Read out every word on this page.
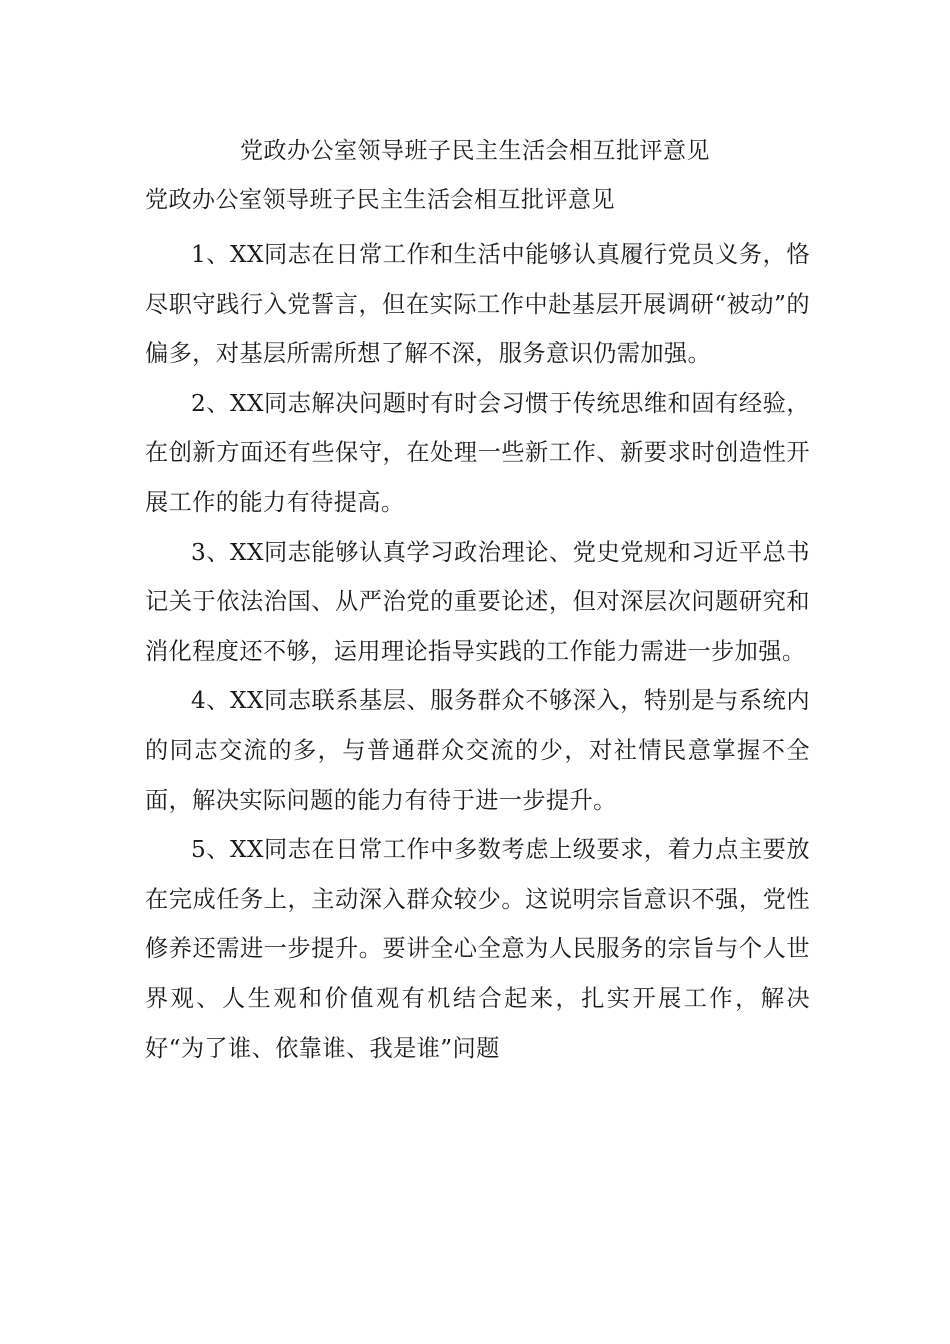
党政办公室领导班子民主生活会相互批评意见
党政办公室领导班子民主生活会相互批评意见

1、XX同志在日常工作和生活中能够认真履行党员义务，恪尽职守践行入党誓言，但在实际工作中赴基层开展调研“被动”的偏多，对基层所需所想了解不深，服务意识仍需加强。

2、XX同志解决问题时有时会习惯于传统思维和固有经验，在创新方面还有些保守，在处理一些新工作、新要求时创造性开展工作的能力有待提高。

3、XX同志能够认真学习政治理论、党史党规和习近平总书记关于依法治国、从严治党的重要论述，但对深层次问题研究和消化程度还不够，运用理论指导实践的工作能力需进一步加强。

4、XX同志联系基层、服务群众不够深入，特别是与系统内的同志交流的多，与普通群众交流的少，对社情民意掌握不全面，解决实际问题的能力有待于进一步提升。

5、XX同志在日常工作中多数考虑上级要求，着力点主要放在完成任务上，主动深入群众较少。这说明宗旨意识不强，党性修养还需进一步提升。要讲全心全意为人民服务的宗旨与个人世界观、人生观和价值观有机结合起来，扎实开展工作，解决好“为了谁、依靠谁、我是谁”问题
